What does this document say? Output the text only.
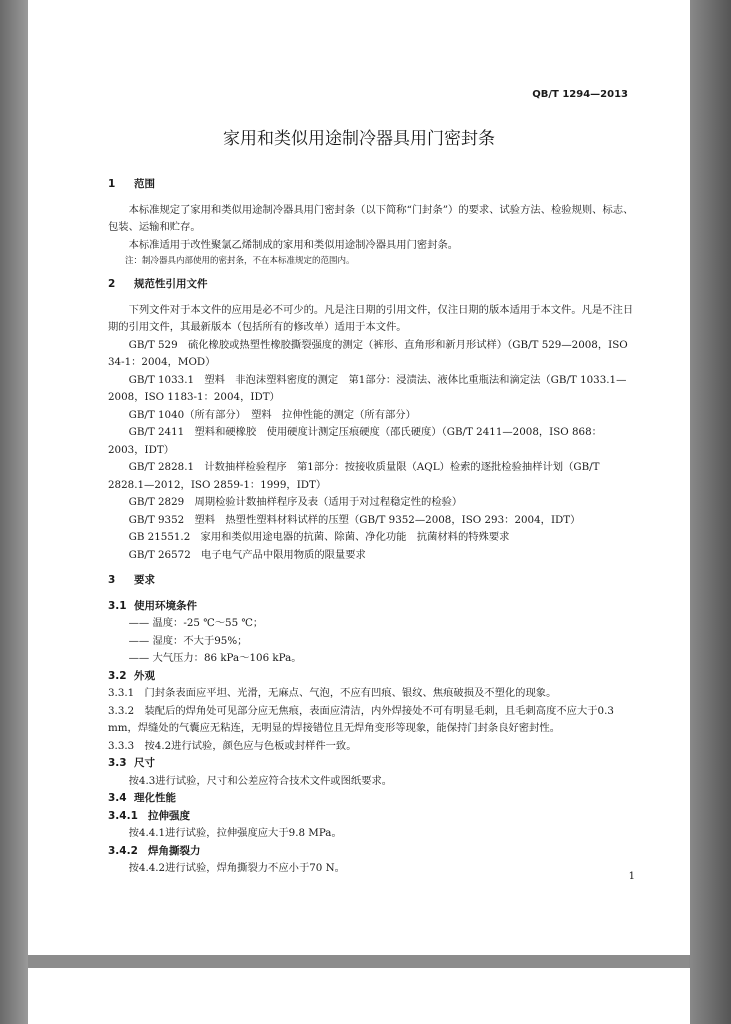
QB/T 1294—2013
家用和类似用途制冷器具用门密封条
1 范围

本标准规定了家用和类似用途制冷器具用门密封条（以下简称“门封条”）的要求、试验方法、检验规则、标志、包装、运输和贮存。

本标准适用于改性聚氯乙烯制成的家用和类似用途制冷器具用门密封条。

注：制冷器具内部使用的密封条，不在本标准规定的范围内。

2 规范性引用文件

下列文件对于本文件的应用是必不可少的。凡是注日期的引用文件，仅注日期的版本适用于本文件。凡是不注日期的引用文件，其最新版本（包括所有的修改单）适用于本文件。

GB/T 529　硫化橡胶或热塑性橡胶撕裂强度的测定（裤形、直角形和新月形试样）（GB/T 529—2008，ISO 34-1：2004，MOD）

GB/T 1033.1　塑料　非泡沫塑料密度的测定　第1部分：浸渍法、液体比重瓶法和滴定法（GB/T 1033.1—2008，ISO 1183-1：2004，IDT）

GB/T 1040（所有部分）　塑料　拉伸性能的测定（所有部分）

GB/T 2411　塑料和硬橡胶　使用硬度计测定压痕硬度（邵氏硬度）（GB/T 2411—2008，ISO 868：2003，IDT）

GB/T 2828.1　计数抽样检验程序　第1部分：按接收质量限（AQL）检索的逐批检验抽样计划（GB/T 2828.1—2012，ISO 2859-1：1999，IDT）

GB/T 2829　周期检验计数抽样程序及表（适用于对过程稳定性的检验）

GB/T 9352　塑料　热塑性塑料材料试样的压塑（GB/T 9352—2008，ISO 293：2004，IDT）

GB 21551.2　家用和类似用途电器的抗菌、除菌、净化功能　抗菌材料的特殊要求

GB/T 26572　电子电气产品中限用物质的限量要求

3 要求
3.1 使用环境条件

—— 温度：-25 ℃～55 ℃；

—— 湿度：不大于95%；

—— 大气压力：86 kPa～106 kPa。

3.2 外观

3.3.1　门封条表面应平坦、光滑，无麻点、气泡，不应有凹痕、银纹、焦痕破损及不塑化的现象。

3.3.2　装配后的焊角处可见部分应无焦痕，表面应清洁，内外焊接处不可有明显毛刺，且毛刺高度不应大于0.3 mm，焊缝处的气囊应无粘连，无明显的焊接错位且无焊角变形等现象，能保持门封条良好密封性。

3.3.3　按4.2进行试验，颜色应与色板或封样件一致。

3.3 尺寸

按4.3进行试验，尺寸和公差应符合技术文件或图纸要求。

3.4 理化性能
3.4.1 拉伸强度

按4.4.1进行试验，拉伸强度应大于9.8 MPa。

3.4.2 焊角撕裂力

按4.4.2进行试验，焊角撕裂力不应小于70 N。

1
